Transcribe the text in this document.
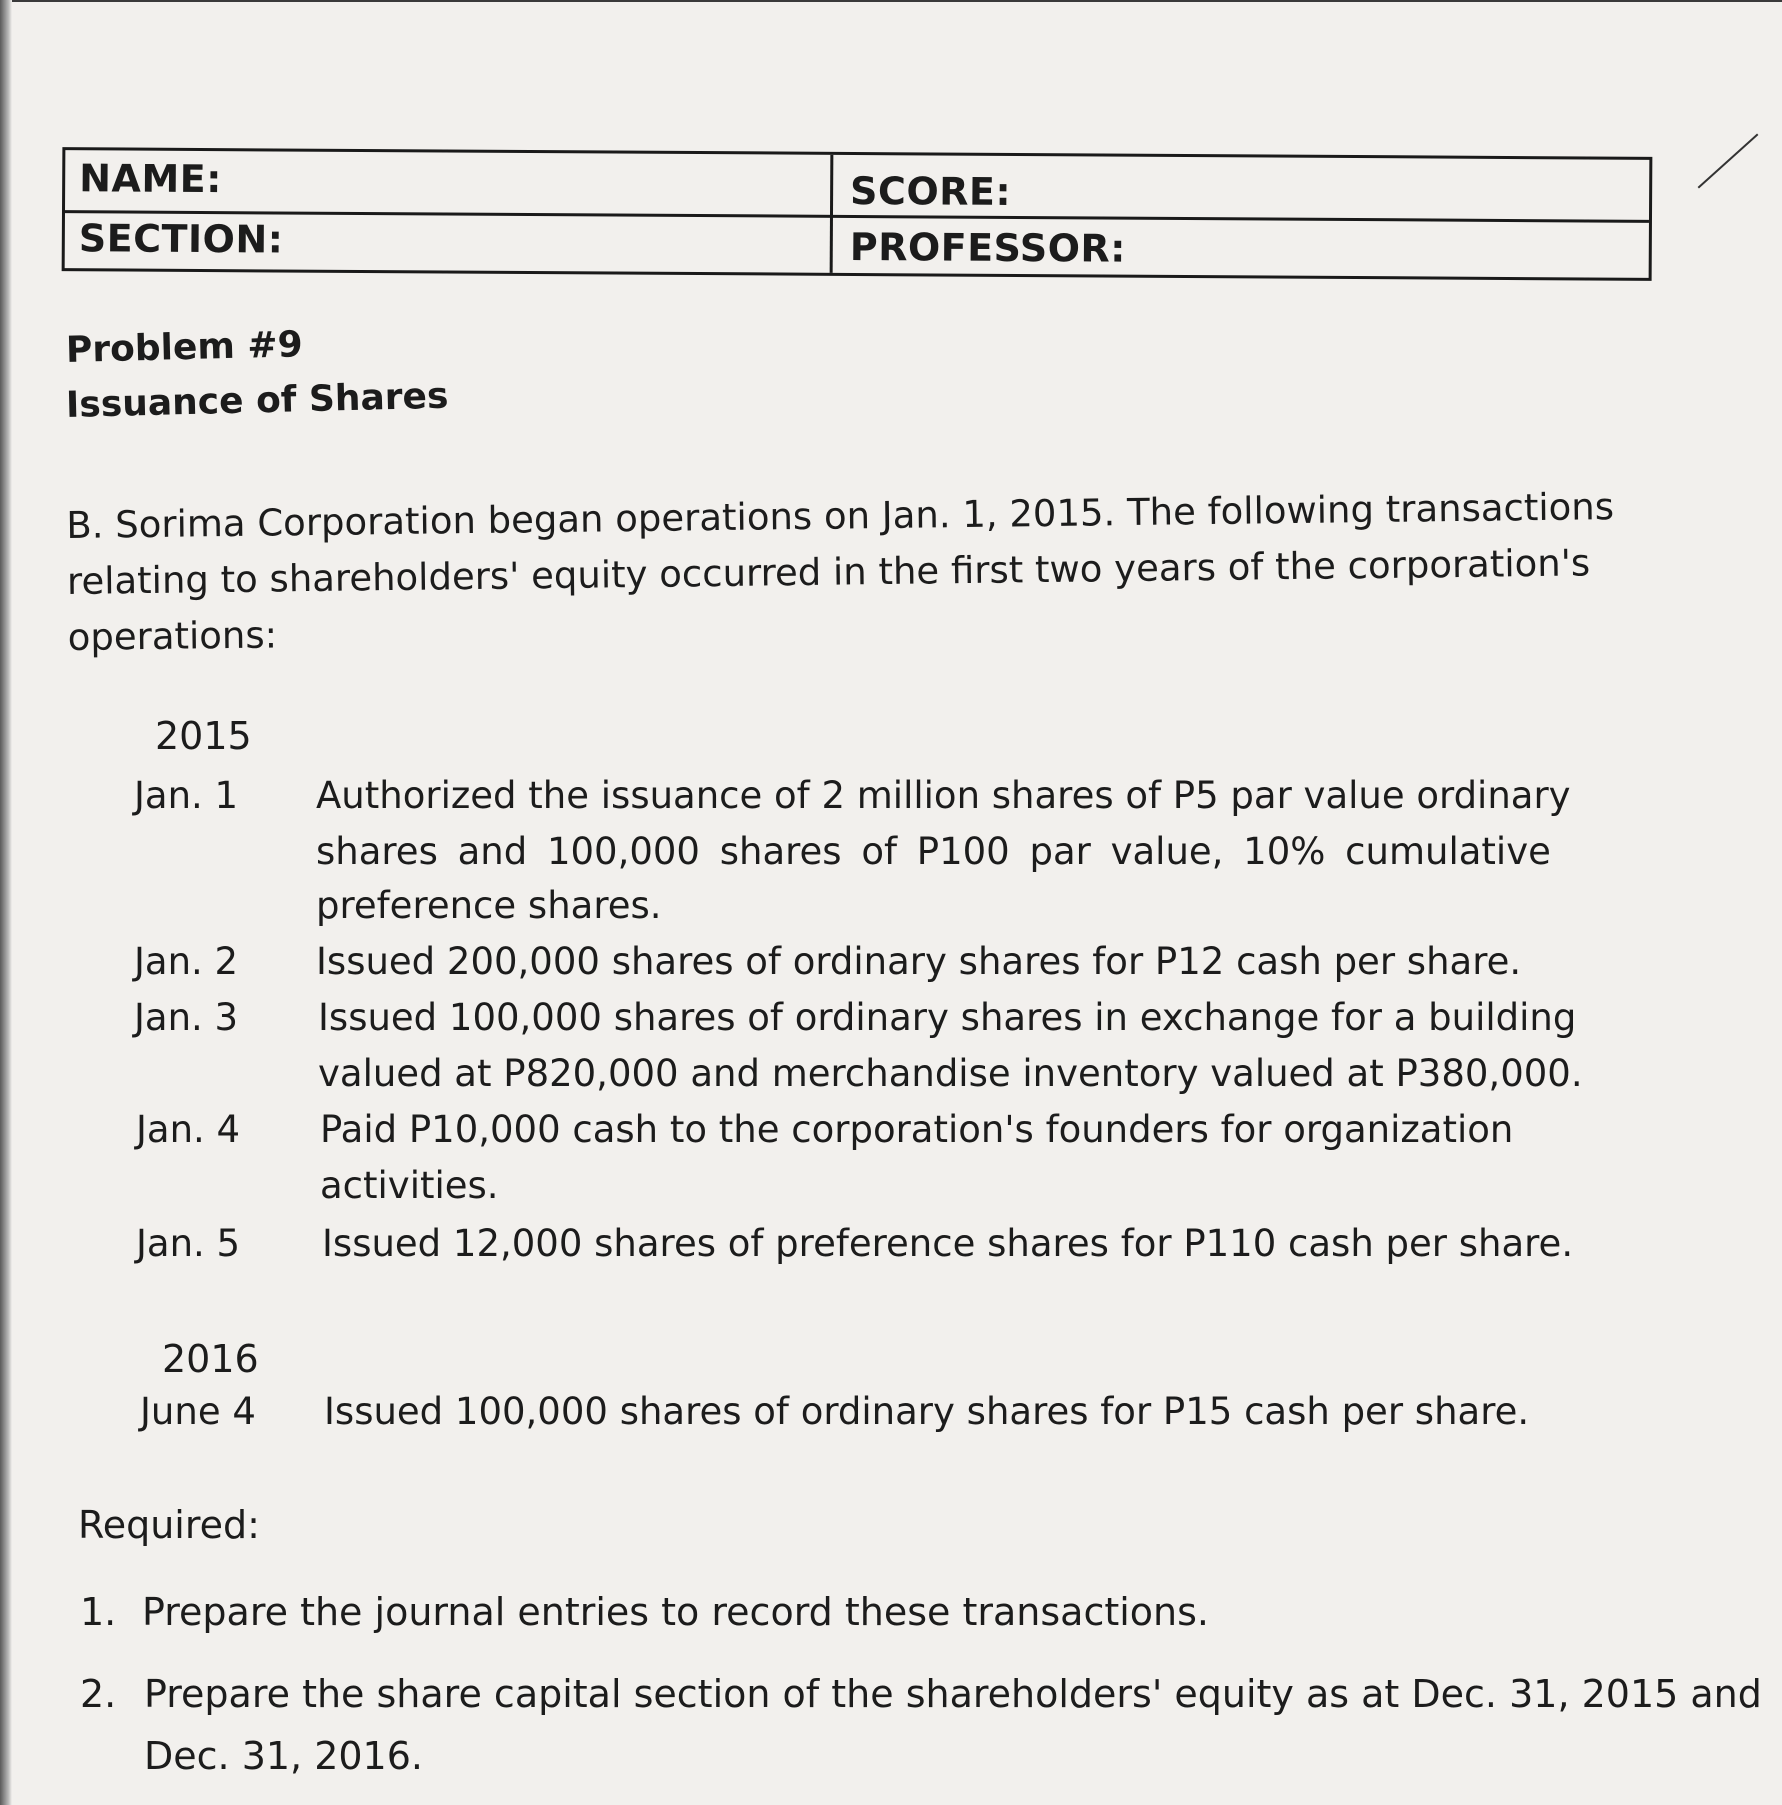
NAME:
SECTION:
SCORE:
PROFESSOR:
Problem #9
Issuance of Shares
B. Sorima Corporation began operations on Jan. 1, 2015. The following transactions
relating to shareholders' equity occurred in the first two years of the corporation's
operations:
2015
Jan. 1 Authorized the issuance of 2 million shares of P5 par value ordinary
shares and 100,000 shares of P100 par value, 10% cumulative
preference shares.
Jan. 2 Issued 200,000 shares of ordinary shares for P12 cash per share.
Jan. 3 Issued 100,000 shares of ordinary shares in exchange for a building
valued at P820,000 and merchandise inventory valued at P380,000.
Jan. 4 Paid P10,000 cash to the corporation's founders for organization
activities.
Jan. 5 Issued 12,000 shares of preference shares for P110 cash per share.
2016
June 4 Issued 100,000 shares of ordinary shares for P15 cash per share.
Required:
1. Prepare the journal entries to record these transactions.
2. Prepare the share capital section of the shareholders' equity as at Dec. 31, 2015 and
Dec. 31, 2016.
